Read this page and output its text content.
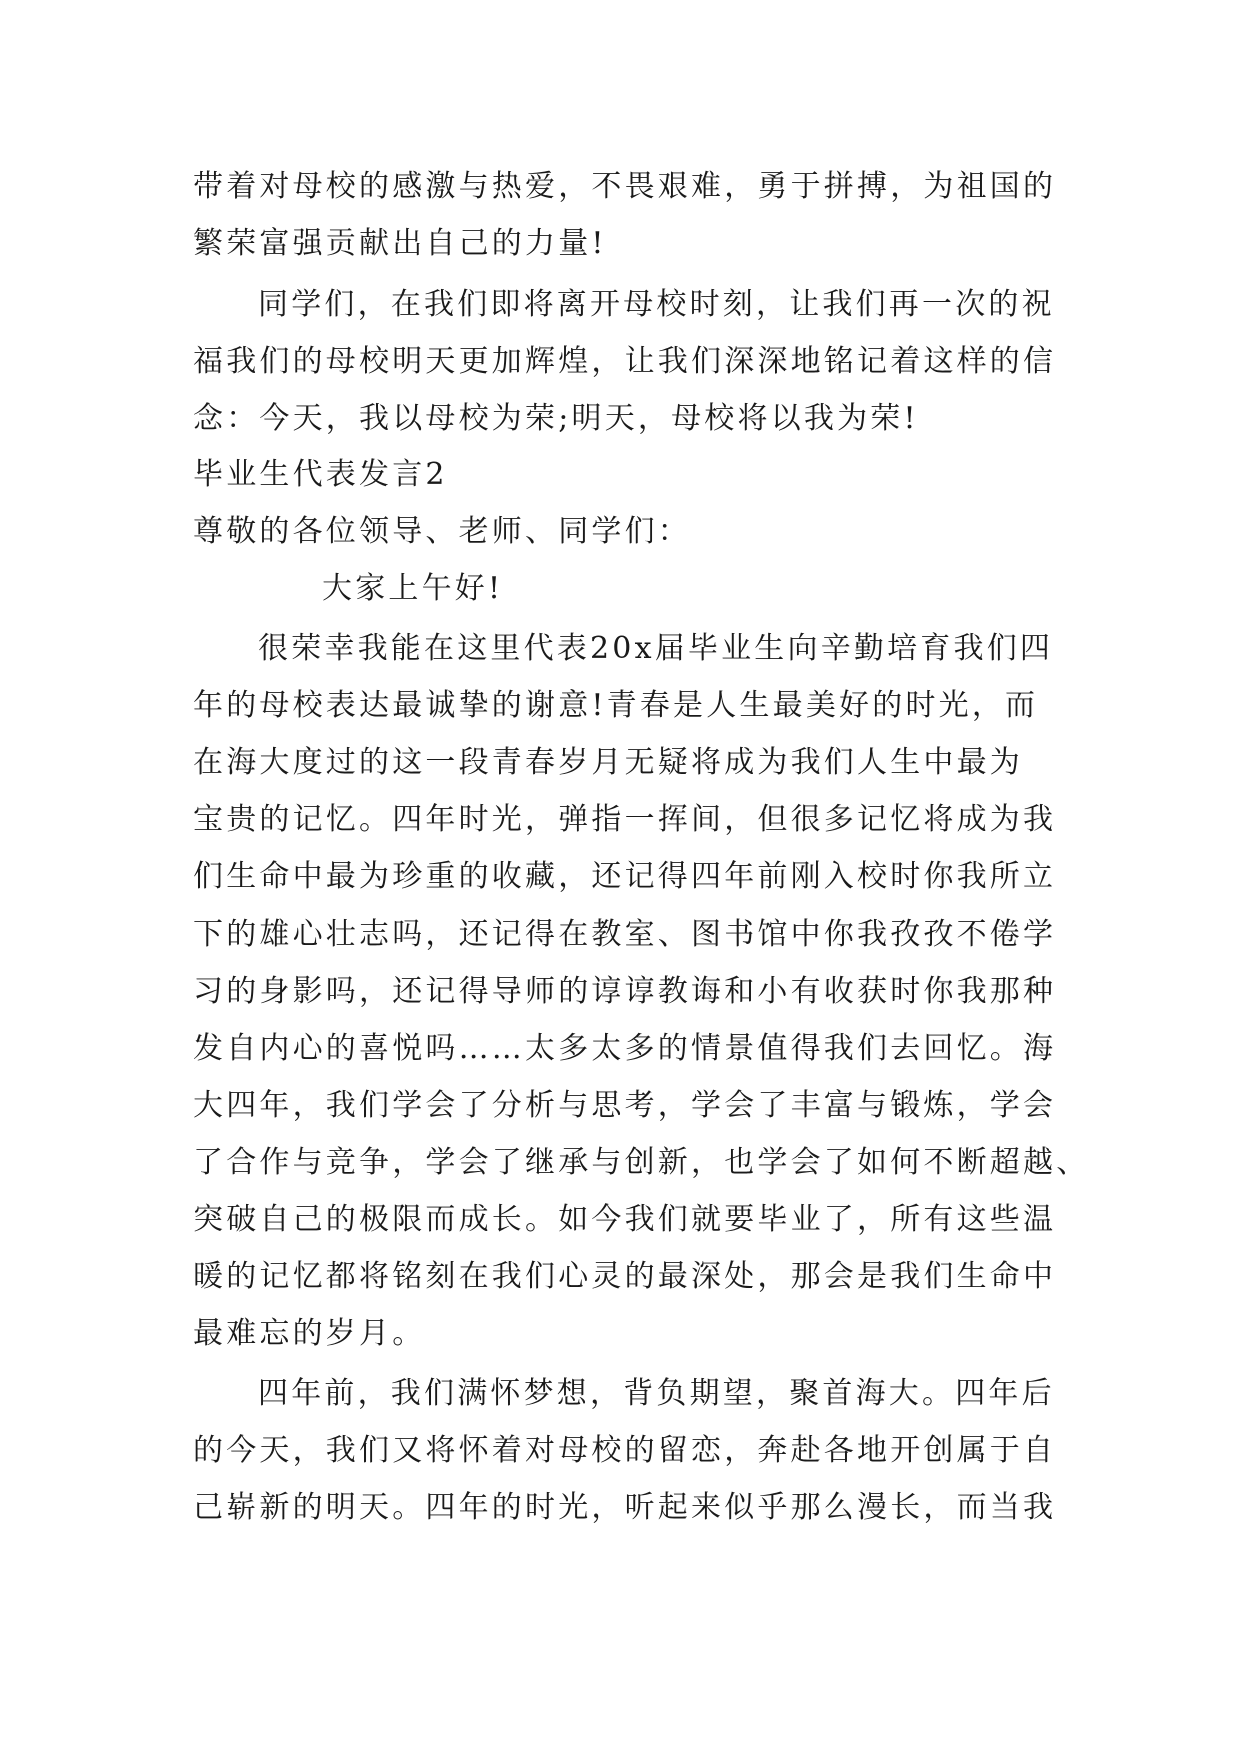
带着对母校的感激与热爱，不畏艰难，勇于拼搏，为祖国的
繁荣富强贡献出自己的力量!
同学们，在我们即将离开母校时刻，让我们再一次的祝
福我们的母校明天更加辉煌，让我们深深地铭记着这样的信
念：今天，我以母校为荣;明天，母校将以我为荣!
毕业生代表发言2
尊敬的各位领导、老师、同学们：
大家上午好!
很荣幸我能在这里代表20x届毕业生向辛勤培育我们四
年的母校表达最诚挚的谢意!青春是人生最美好的时光，而
在海大度过的这一段青春岁月无疑将成为我们人生中最为
宝贵的记忆。四年时光，弹指一挥间，但很多记忆将成为我
们生命中最为珍重的收藏，还记得四年前刚入校时你我所立
下的雄心壮志吗，还记得在教室、图书馆中你我孜孜不倦学
习的身影吗，还记得导师的谆谆教诲和小有收获时你我那种
发自内心的喜悦吗……太多太多的情景值得我们去回忆。海
大四年，我们学会了分析与思考，学会了丰富与锻炼，学会
了合作与竞争，学会了继承与创新，也学会了如何不断超越、
突破自己的极限而成长。如今我们就要毕业了，所有这些温
暖的记忆都将铭刻在我们心灵的最深处，那会是我们生命中
最难忘的岁月。
四年前，我们满怀梦想，背负期望，聚首海大。四年后
的今天，我们又将怀着对母校的留恋，奔赴各地开创属于自
己崭新的明天。四年的时光，听起来似乎那么漫长，而当我
